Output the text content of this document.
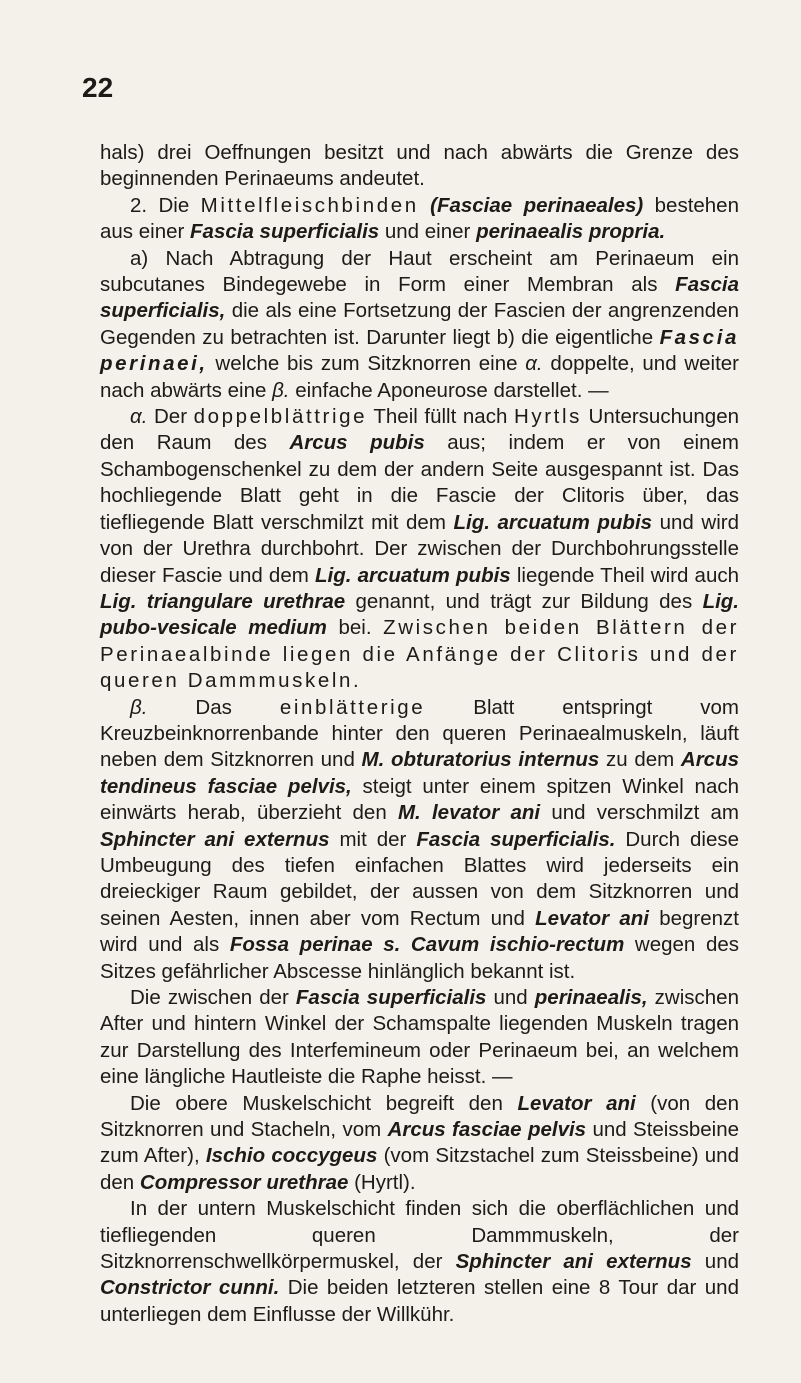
22

hals) drei Oeffnungen besitzt und nach abwärts die Grenze des beginnenden Perinaeums andeutet.

2. Die Mittelfleischbinden (Fasciae perinaeales) bestehen aus einer Fascia superficialis und einer perinaealis propria.

a) Nach Abtragung der Haut erscheint am Perinaeum ein subcutanes Bindegewebe in Form einer Membran als Fascia superficialis, die als eine Fortsetzung der Fascien der angrenzenden Gegenden zu betrachten ist. Darunter liegt b) die eigentliche Fascia perinaei, welche bis zum Sitzknorren eine α. doppelte, und weiter nach abwärts eine β. einfache Aponeurose darstellet. —

α. Der doppelblättrige Theil füllt nach Hyrtls Untersuchungen den Raum des Arcus pubis aus; indem er von einem Schambogenschenkel zu dem der andern Seite ausgespannt ist. Das hochliegende Blatt geht in die Fascie der Clitoris über, das tiefliegende Blatt verschmilzt mit dem Lig. arcuatum pubis und wird von der Urethra durchbohrt. Der zwischen der Durchbohrungsstelle dieser Fascie und dem Lig. arcuatum pubis liegende Theil wird auch Lig. triangulare urethrae genannt, und trägt zur Bildung des Lig. pubo-vesicale medium bei. Zwischen beiden Blättern der Perinaealbinde liegen die Anfänge der Clitoris und der queren Dammmuskeln.

β. Das einblätterige Blatt entspringt vom Kreuzbeinknorrenbande hinter den queren Perinaealmuskeln, läuft neben dem Sitzknorren und M. obturatorius internus zu dem Arcus tendineus fasciae pelvis, steigt unter einem spitzen Winkel nach einwärts herab, überzieht den M. levator ani und verschmilzt am Sphincter ani externus mit der Fascia superficialis. Durch diese Umbeugung des tiefen einfachen Blattes wird jederseits ein dreieckiger Raum gebildet, der aussen von dem Sitzknorren und seinen Aesten, innen aber vom Rectum und Levator ani begrenzt wird und als Fossa perinae s. Cavum ischio-rectum wegen des Sitzes gefährlicher Abscesse hinlänglich bekannt ist.

Die zwischen der Fascia superficialis und perinaealis, zwischen After und hintern Winkel der Schamspalte liegenden Muskeln tragen zur Darstellung des Interfemineum oder Perinaeum bei, an welchem eine längliche Hautleiste die Raphe heisst. —

Die obere Muskelschicht begreift den Levator ani (von den Sitzknorren und Stacheln, vom Arcus fasciae pelvis und Steissbeine zum After), Ischio coccygeus (vom Sitzstachel zum Steissbeine) und den Compressor urethrae (Hyrtl).

In der untern Muskelschicht finden sich die oberflächlichen und tiefliegenden queren Dammmuskeln, der Sitzknorrenschwellkörpermuskel, der Sphincter ani externus und Constrictor cunni. Die beiden letzteren stellen eine 8 Tour dar und unterliegen dem Einflusse der Willkühr.
